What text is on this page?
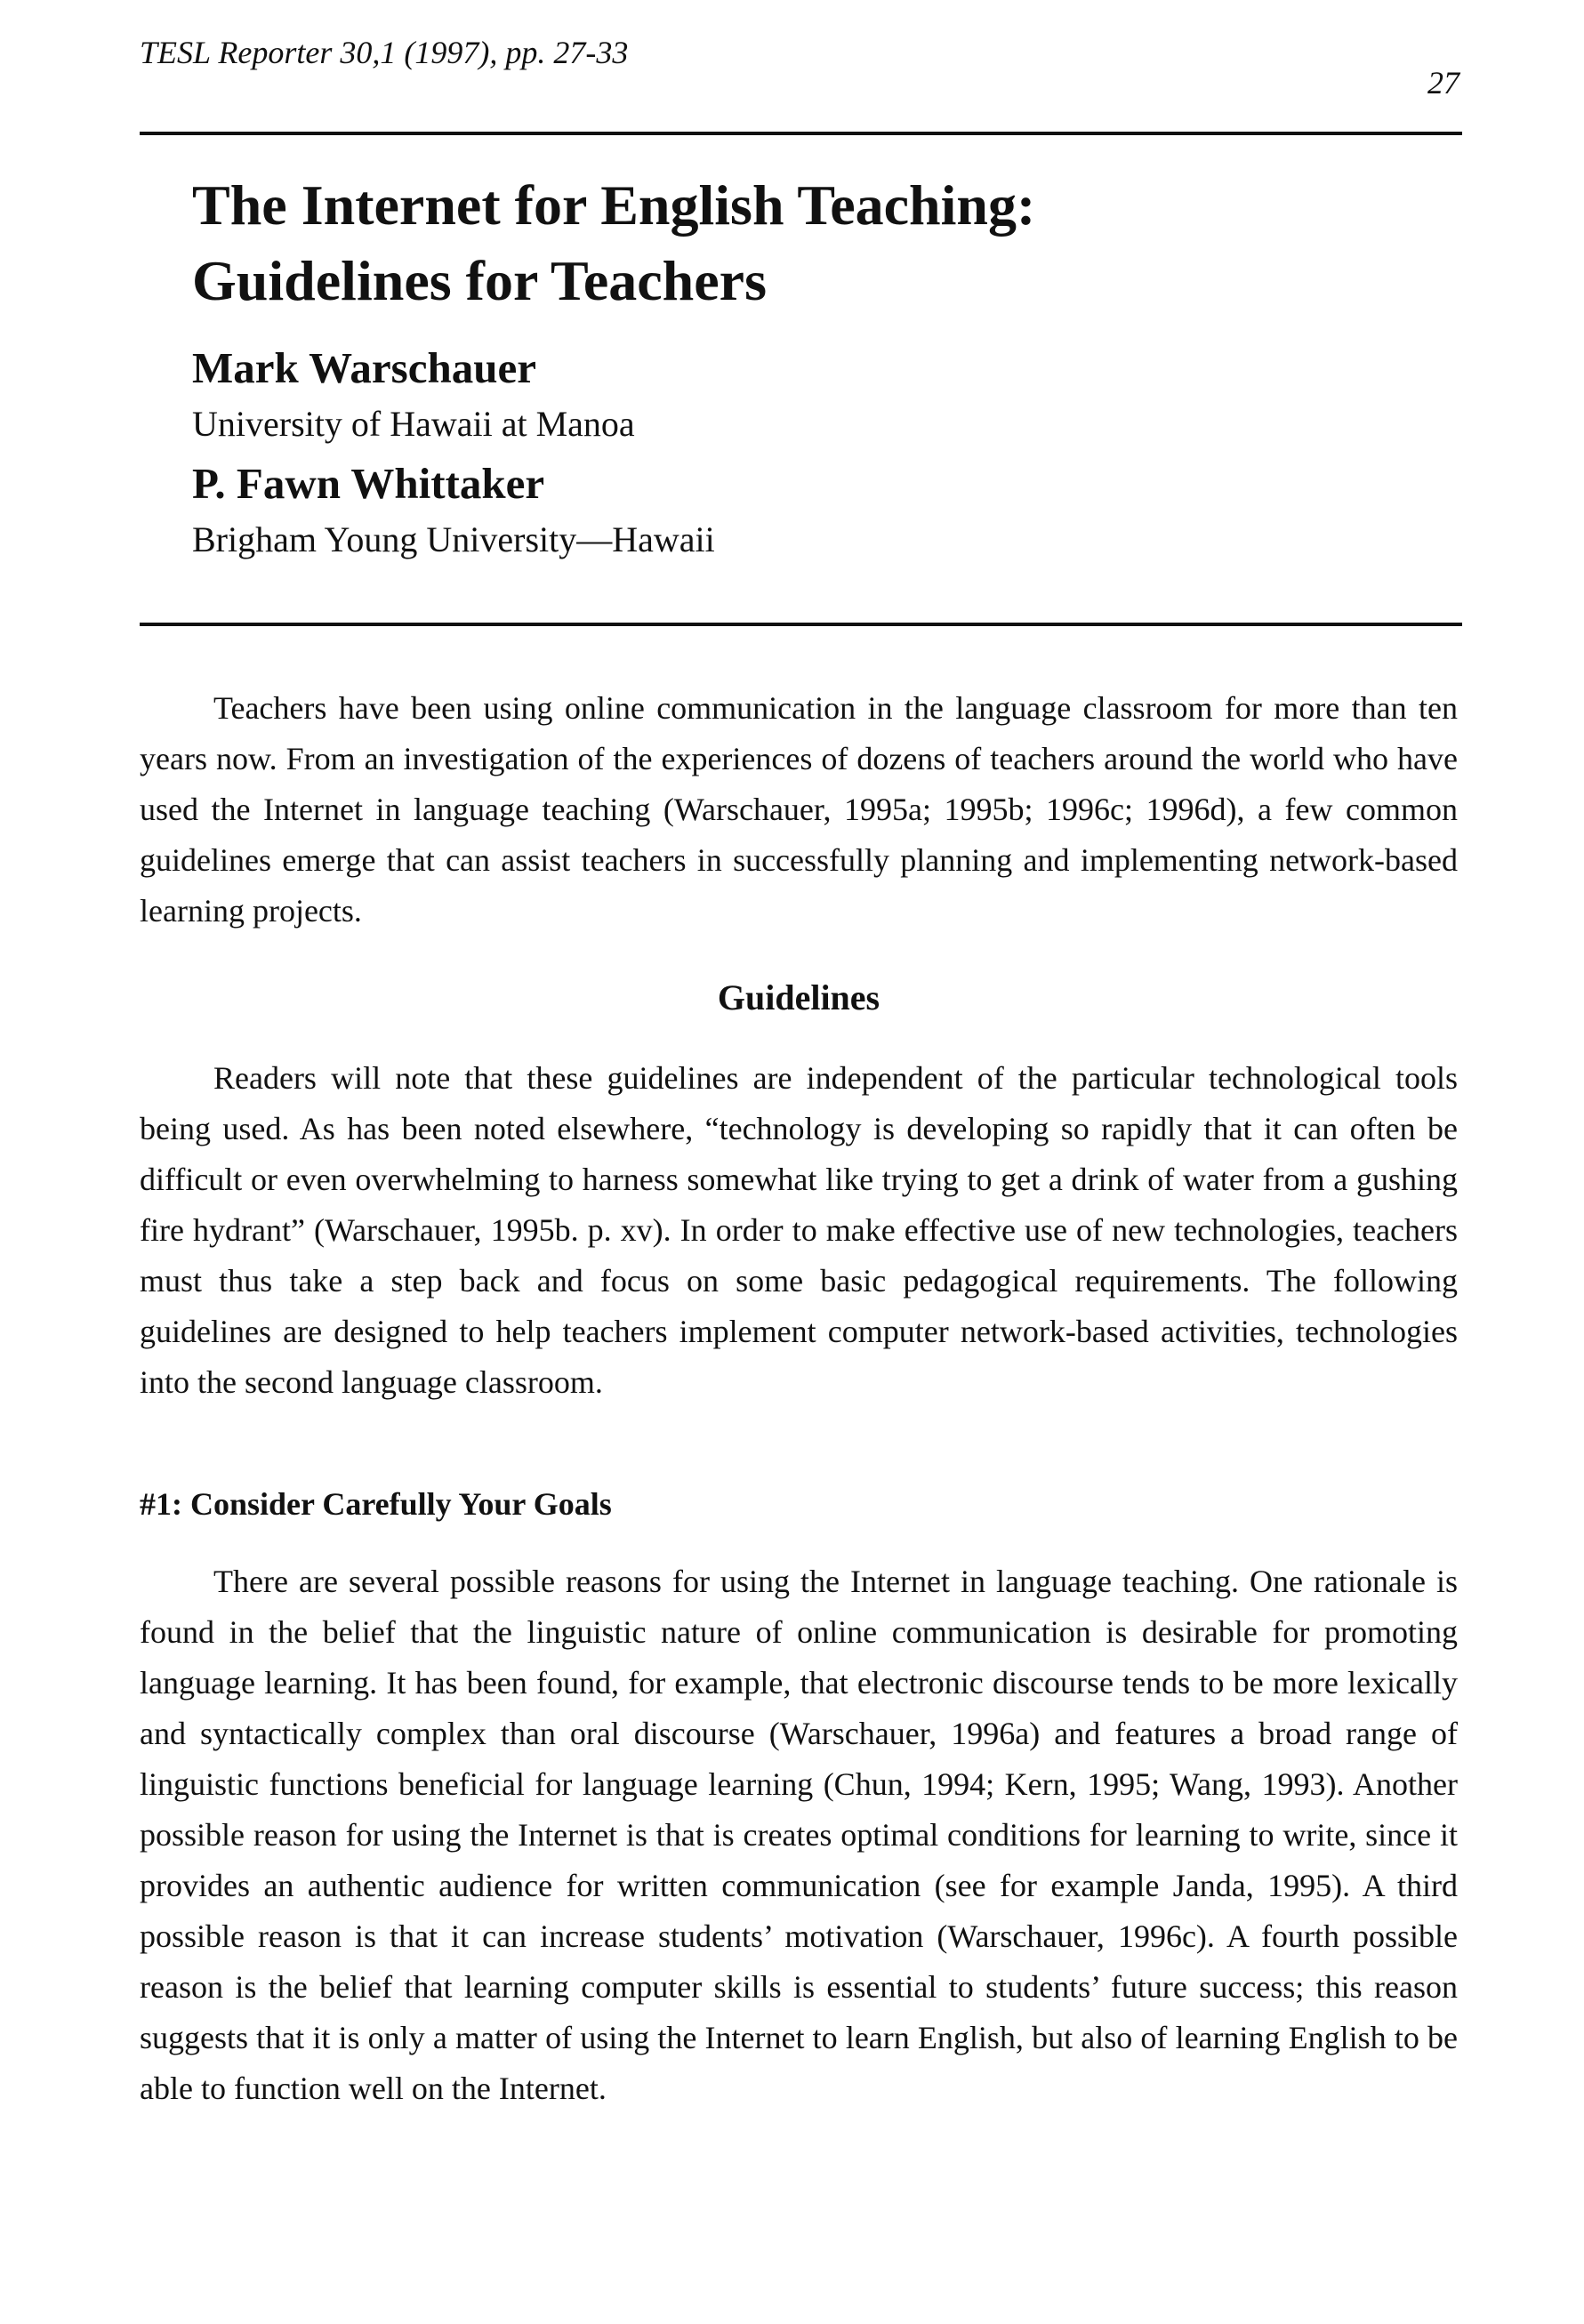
TESL Reporter 30,1 (1997), pp. 27-33
27
The Internet for English Teaching:
Guidelines for Teachers

Mark Warschauer

University of Hawaii at Manoa

P. Fawn Whittaker

Brigham Young University—Hawaii

Teachers have been using online communication in the language classroom for more than ten years now. From an investigation of the experiences of dozens of teachers around the world who have used the Internet in language teaching (Warschauer, 1995a; 1995b; 1996c; 1996d), a few common guidelines emerge that can assist teachers in successfully planning and implementing network-based learning projects.

Guidelines

Readers will note that these guidelines are independent of the particular technological tools being used. As has been noted elsewhere, “technology is developing so rapidly that it can often be difficult or even overwhelming to harness somewhat like trying to get a drink of water from a gushing fire hydrant” (Warschauer, 1995b. p. xv). In order to make effective use of new technologies, teachers must thus take a step back and focus on some basic pedagogical requirements. The following guidelines are designed to help teachers implement computer network-based activities, technologies into the second language classroom.

#1: Consider Carefully Your Goals

There are several possible reasons for using the Internet in language teaching. One rationale is found in the belief that the linguistic nature of online communication is desirable for promoting language learning. It has been found, for example, that electronic discourse tends to be more lexically and syntactically complex than oral discourse (Warschauer, 1996a) and features a broad range of linguistic functions beneficial for language learning (Chun, 1994; Kern, 1995; Wang, 1993). Another possible reason for using the Internet is that is creates optimal conditions for learning to write, since it provides an authentic audience for written communication (see for example Janda, 1995). A third possible reason is that it can increase students’ motivation (Warschauer, 1996c). A fourth possible reason is the belief that learning computer skills is essential to students’ future success; this reason suggests that it is only a matter of using the Internet to learn English, but also of learning English to be able to function well on the Internet.
